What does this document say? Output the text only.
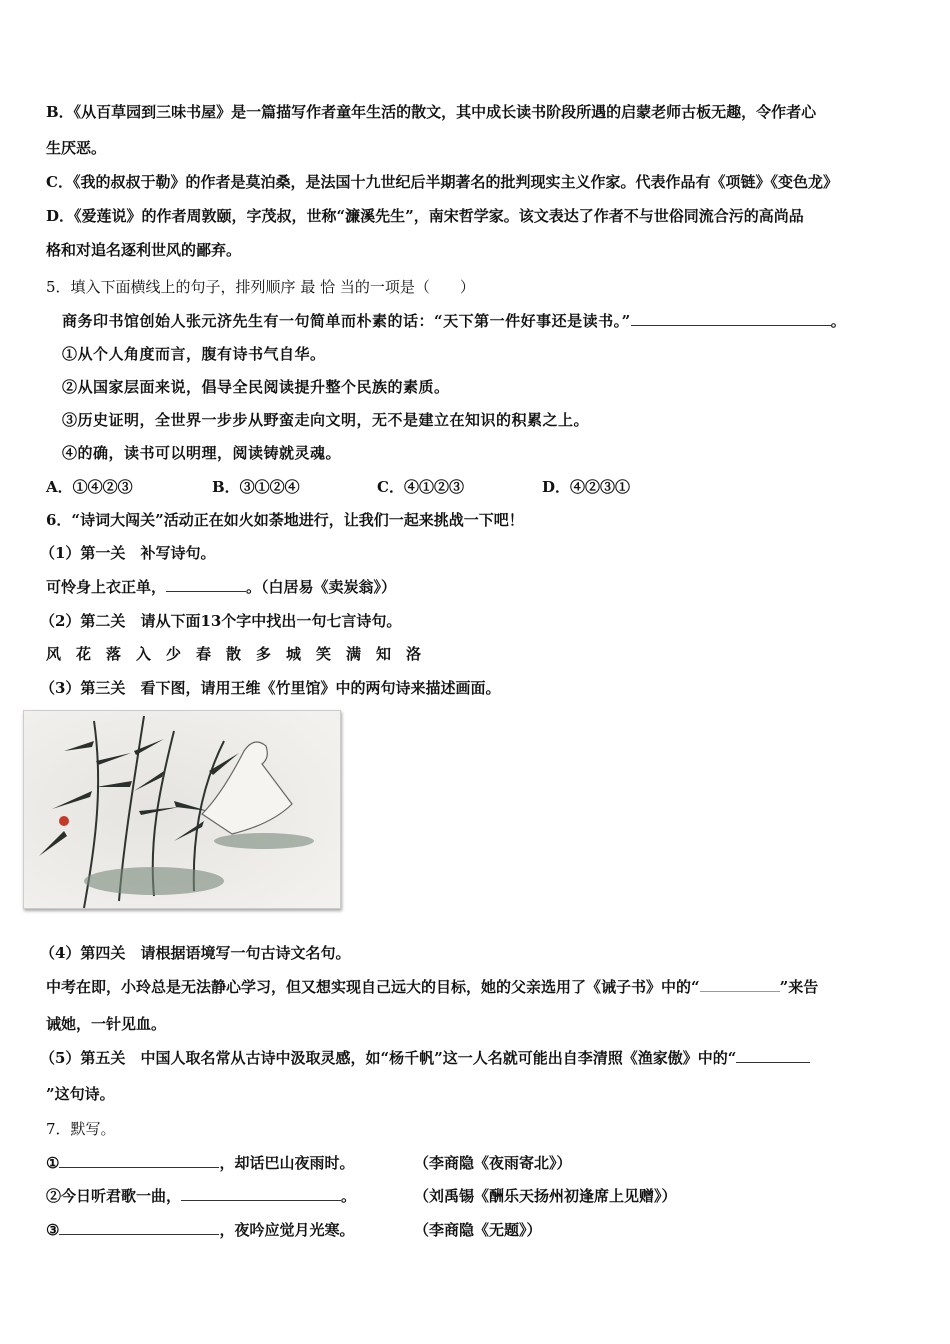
B．《从百草园到三味书屋》是一篇描写作者童年生活的散文，其中成长读书阶段所遇的启蒙老师古板无趣，令作者心
生厌恶。
C．《我的叔叔于勒》的作者是莫泊桑，是法国十九世纪后半期著名的批判现实主义作家。代表作品有《项链》《变色龙》
D．《爱莲说》的作者周敦颐，字茂叔，世称“濂溪先生”，南宋哲学家。该文表达了作者不与世俗同流合污的高尚品
格和对追名逐利世风的鄙弃。
5．填入下面横线上的句子，排列顺序 最 恰 当的一项是（　　）
商务印书馆创始人张元济先生有一句简单而朴素的话：“天下第一件好事还是读书。”	。
①从个人角度而言，腹有诗书气自华。
②从国家层面来说，倡导全民阅读提升整个民族的素质。
③历史证明，全世界一步步从野蛮走向文明，无不是建立在知识的积累之上。
④的确，读书可以明理，阅读铸就灵魂。
A．①④②③	B．③①②④	C．④①②③	D．④②③①
6．“诗词大闯关”活动正在如火如荼地进行，让我们一起来挑战一下吧！
（1）第一关　补写诗句。
可怜身上衣正单，	。（白居易《卖炭翁》）
（2）第二关　请从下面13个字中找出一句七言诗句。
风　花　落　入　少　春　散　多　城　笑　满　知　洛
（3）第三关　看下图，请用王维《竹里馆》中的两句诗来描述画面。
（4）第四关　请根据语境写一句古诗文名句。
中考在即，小玲总是无法静心学习，但又想实现自己远大的目标，她的父亲选用了《诫子书》中的“	”来告
诫她，一针见血。
（5）第五关　中国人取名常从古诗中汲取灵感，如“杨千帆”这一人名就可能出自李清照《渔家傲》中的“
”这句诗。
7．默写。
①	，却话巴山夜雨时。	（李商隐《夜雨寄北》）
②今日听君歌一曲，	。	（刘禹锡《酬乐天扬州初逢席上见赠》）
③	，夜吟应觉月光寒。	（李商隐《无题》）
